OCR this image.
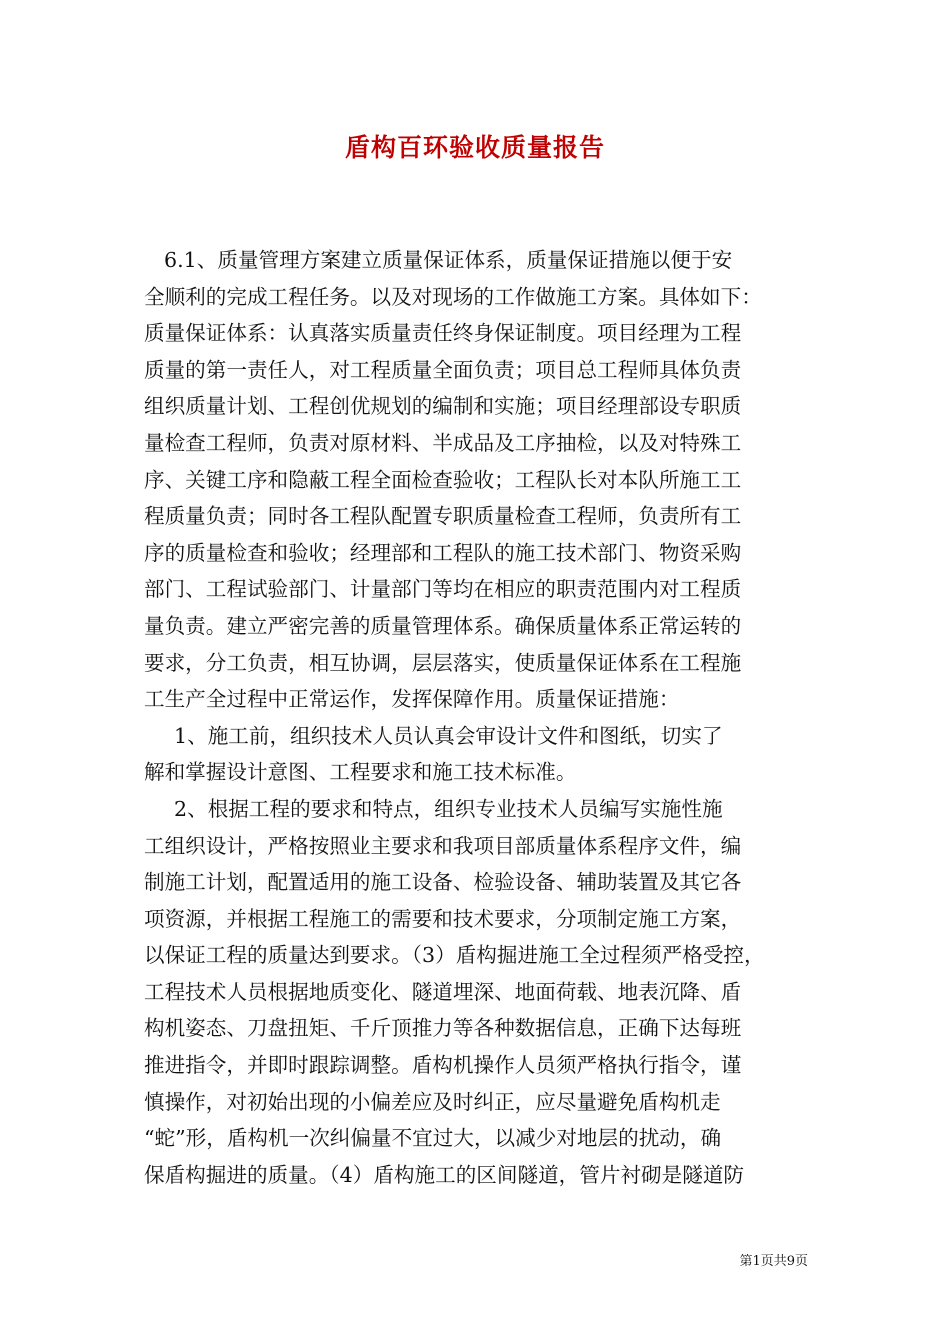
盾构百环验收质量报告
6.1、质量管理方案建立质量保证体系，质量保证措施以便于安
全顺利的完成工程任务。以及对现场的工作做施工方案。具体如下：
质量保证体系：认真落实质量责任终身保证制度。项目经理为工程
质量的第一责任人，对工程质量全面负责；项目总工程师具体负责
组织质量计划、工程创优规划的编制和实施；项目经理部设专职质
量检查工程师，负责对原材料、半成品及工序抽检，以及对特殊工
序、关键工序和隐蔽工程全面检查验收；工程队长对本队所施工工
程质量负责；同时各工程队配置专职质量检查工程师，负责所有工
序的质量检查和验收；经理部和工程队的施工技术部门、物资采购
部门、工程试验部门、计量部门等均在相应的职责范围内对工程质
量负责。建立严密完善的质量管理体系。确保质量体系正常运转的
要求，分工负责，相互协调，层层落实，使质量保证体系在工程施
工生产全过程中正常运作，发挥保障作用。质量保证措施：
1、施工前，组织技术人员认真会审设计文件和图纸，切实了
解和掌握设计意图、工程要求和施工技术标准。
2、根据工程的要求和特点，组织专业技术人员编写实施性施
工组织设计，严格按照业主要求和我项目部质量体系程序文件，编
制施工计划，配置适用的施工设备、检验设备、辅助装置及其它各
项资源，并根据工程施工的需要和技术要求，分项制定施工方案，
以保证工程的质量达到要求。（3）盾构掘进施工全过程须严格受控，
工程技术人员根据地质变化、隧道埋深、地面荷载、地表沉降、盾
构机姿态、刀盘扭矩、千斤顶推力等各种数据信息，正确下达每班
推进指令，并即时跟踪调整。盾构机操作人员须严格执行指令，谨
慎操作，对初始出现的小偏差应及时纠正，应尽量避免盾构机走
“蛇”形，盾构机一次纠偏量不宜过大，以减少对地层的扰动，确
保盾构掘进的质量。（4）盾构施工的区间隧道，管片衬砌是隧道防
第1页共9页
